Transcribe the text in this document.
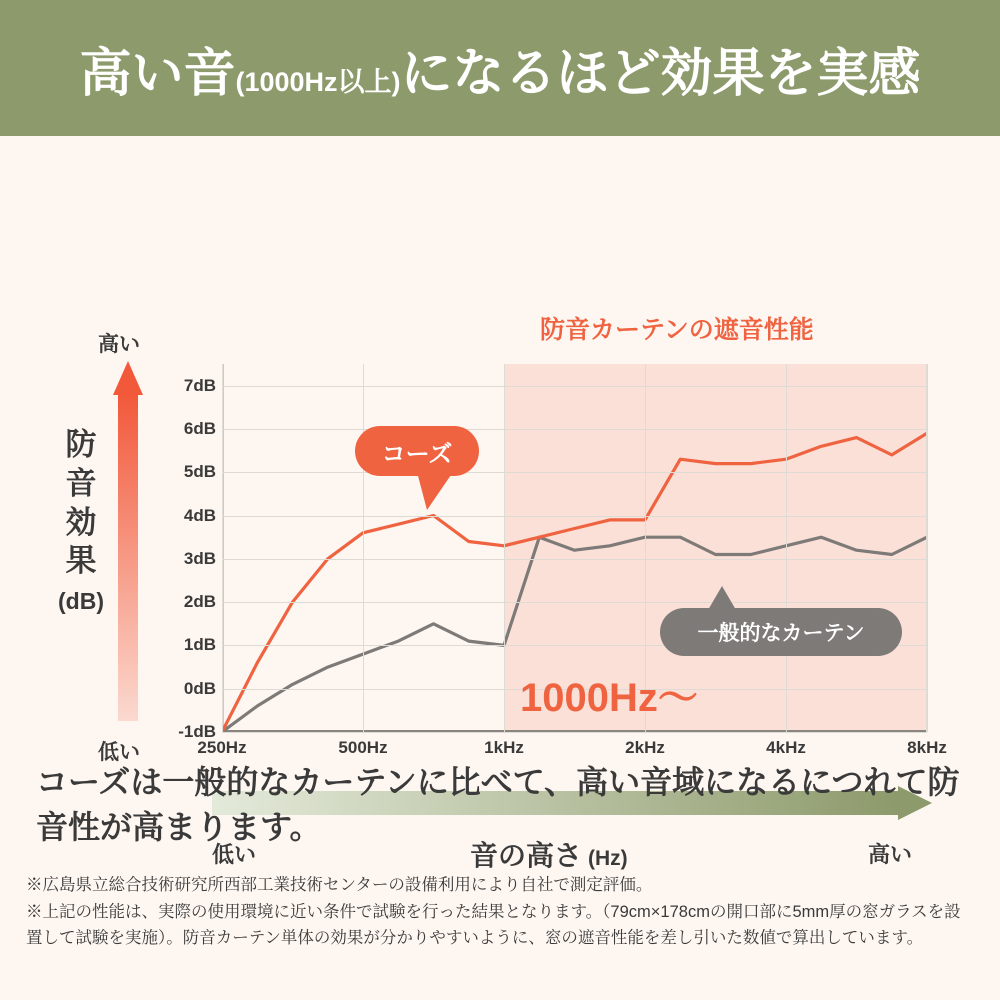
高い音 (1000Hz以上) になるほど効果を実感
防音カーテンの遮音性能
高い
低い
防
音
効
果
(dB)
-1dB
0dB
1dB
2dB
3dB
4dB
5dB
6dB
7dB
250Hz	500Hz	1kHz	2kHz	4kHz	8kHz
1000Hz〜
コーズ
一般的なカーテン
低い	高い
音の高さ (Hz)
コーズは一般的なカーテンに比べて、高い音域になるにつれて防音性が高まります。
※広島県立総合技術研究所西部工業技術センターの設備利用により自社で測定評価。
※上記の性能は、実際の使用環境に近い条件で試験を行った結果となります。（79cm×178cmの開口部に5mm厚の窓ガラスを設置して試験を実施）。防音カーテン単体の効果が分かりやすいように、窓の遮音性能を差し引いた数値で算出しています。
